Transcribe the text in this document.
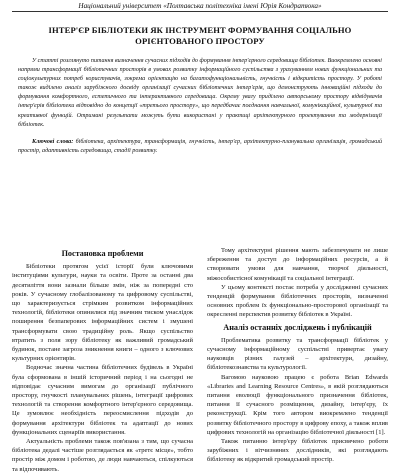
Національний університет «Полтавська політехніка імені Юрія Кондратюка»
ІНТЕР'ЄР БІБЛІОТЕКИ ЯК ІНСТРУМЕНТ ФОРМУВАННЯ СОЦІАЛЬНО ОРІЄНТОВАНОГО ПРОСТОРУ
У статті розглянуто питання визначення сучасних підходів до формування інтер'єрного середовища бібліотек. Виокремлено основні напрями трансформації бібліотечних просторів в умовах розвитку інформаційного суспільства з урахуванням нових функціональних та соціокультурних потреб користувачів, зокрема орієнтацію на багатофункціональність, гнучкість і відкритість простору. У роботі також виділено аналіз зарубіжного досвіду організації сучасних бібліотечних інтер'єрів, що демонструють інноваційні підходи до формування комфортного, естетичного та інтерактивного середовища. Окрему увагу приділено авторському простору відвідувачів інтер'єрів бібліотеки відповідно до концепції «третього простору», що передбачає поєднання навчальної, комунікаційної, культурної та креативної функцій. Отримані результати можуть бути використані у практиці архітектурного проектування та модернізації бібліотек.
Ключові слова: бібліотека, архітектура, трансформація, гнучкість, інтер'єр, архітектурно-планувальна організація, громадський простір, адаптивність середовища, стадії розвитку.
Постановка проблеми

Бібліотеки протягом усієї історії були ключовими інституціями культури, науки та освіти. Проте за останні два десятиліття вони зазнали більше змін, ніж за попередні сто років. У сучасному глобалізованому та цифровому суспільстві, що характеризується стрімким розвитком інформаційних технологій, бібліотеки опинилися під значним тиском унаслідок поширення безпаперових інформаційних систем і змушені трансформувати свою традиційну роль. Якщо суспільство втратить з поля зору бібліотеку як важливий громадський будинок, постане загроза зникнення книги – одного з ключових культурних орієнтирів.

Водночас значна частина бібліотечних будівель в Україні була сформована в іншій історичний період і на сьогодні не відповідає сучасним вимогам до організації публічного простору, гнучкості планувальних рішень, інтеграції цифрових технологій та створення комфортного інтер'єрного середовища. Це зумовлює необхідність переосмислення підходів до формування архітектури бібліотек та адаптації до нових функціональних сценаріїв використання.

Актуальність проблеми також пов'язана з тим, що сучасна бібліотека дедалі частіше розглядається як «третє місце», тобто простір між домом і роботою, де люди навчаються, спілкуються та відпочивають.

Тому архітектурні рішення мають забезпечувати не лише збереження та доступ до інформаційних ресурсів, а й створювати умови для навчання, творчої діяльності, міжособистісної комунікації та соціальної інтеграції.

У цьому контексті постає потреба у дослідженні сучасних тенденцій формування бібліотечних просторів, визначенні основних проблем їх функціонально-просторової організації та окресленні перспектив розвитку бібліотек в Україні.

Аналіз останніх досліджень і публікацій

Проблематика розвитку та трансформації бібліотек у сучасному інформаційному суспільстві привертає увагу науковців різних галузей – архітектури, дизайну, бібліотекознавства та культурології.

Вагомою науковою працею є робота Brian Edwards «Libraries and Learning Resource Centres», в якій розглядаються питання еволюції функціонального призначення бібліотек, питання її сучасного розміщення, дизайну, інтер'єру, їх реконструкції. Крім того автором виокремлено тенденції розвитку бібліотечного простору в цифрову епоху, а також вплив цифрових технологій на організацію бібліотечної діяльності [1].

Також питанню інтер'єру бібліотек присвячено роботи зарубіжних і вітчизняних дослідників, які розглядають бібліотеку як відкритий громадський простір.
